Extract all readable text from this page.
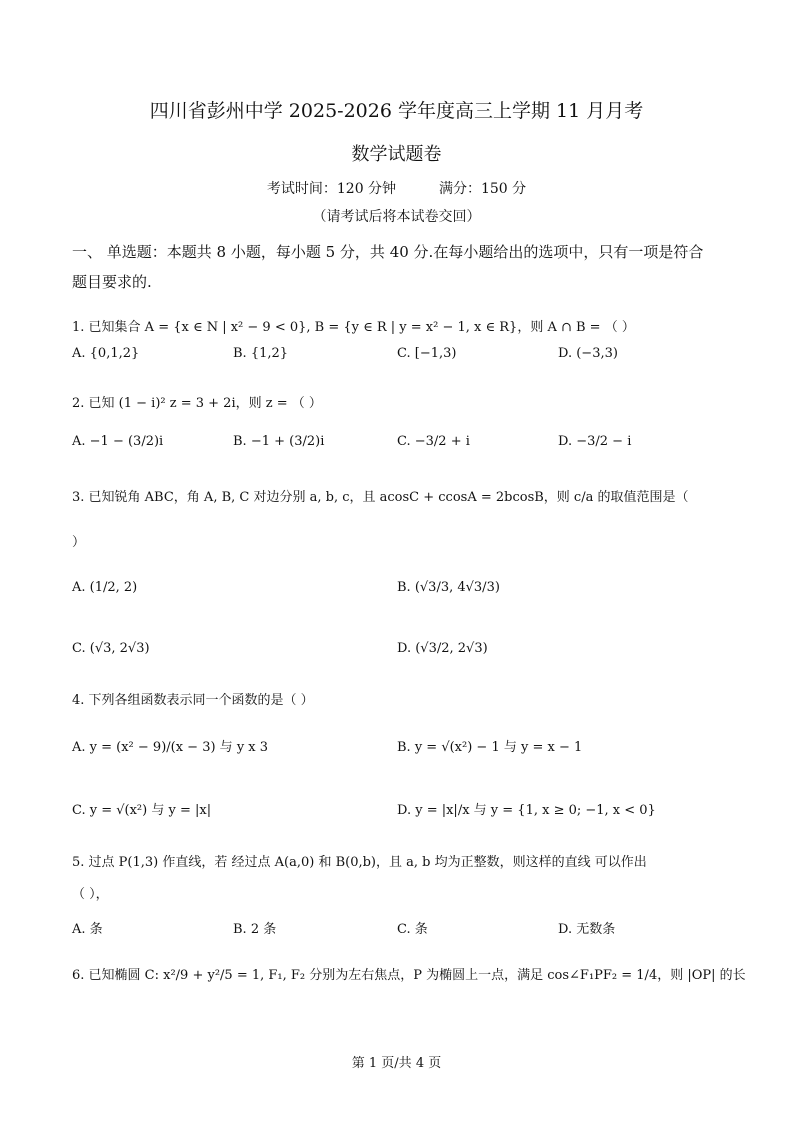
四川省彭州中学 2025-2026 学年度高三上学期 11 月月考
数学试题卷
考试时间：120 分钟	满分：150 分
（请考试后将本试卷交回）
一、 单选题：本题共 8 小题，每小题 5 分，共 40 分.在每小题给出的选项中，只有一项是符合
题目要求的.
1. 已知集合 A = {x ∈ N | x² − 9 < 0}, B = {y ∈ R | y = x² − 1, x ∈ R}，则 A ∩ B = （ ）
A. {0,1,2}	B. {1,2}	C. [−1,3)	D. (−3,3)
2. 已知 (1 − i)² z = 3 + 2i，则 z = （ ）
A. −1 − (3/2)i	B. −1 + (3/2)i	C. −3/2 + i	D. −3/2 − i
3. 已知锐角 ABC，角 A, B, C 对边分别 a, b, c，且 acosC + ccosA = 2bcosB，则 c/a 的取值范围是（
）
A. (1/2, 2)	B. (√3/3, 4√3/3)
C. (√3, 2√3)	D. (√3/2, 2√3)
4. 下列各组函数表示同一个函数的是（ ）
A. y = (x² − 9)/(x − 3) 与 y x 3	B. y = √(x²) − 1 与 y = x − 1
C. y = √(x²) 与 y = |x|	D. y = |x|/x 与 y = {1, x ≥ 0; −1, x < 0}
5. 过点 P(1,3) 作直线，若 经过点 A(a,0) 和 B(0,b)，且 a, b 均为正整数，则这样的直线 可以作出
（ ），
A. 条	B. 2 条	C. 条	D. 无数条
6. 已知椭圆 C: x²/9 + y²/5 = 1, F₁, F₂ 分别为左右焦点，P 为椭圆上一点，满足 cos∠F₁PF₂ = 1/4，则 |OP| 的长
第 1 页/共 4 页
